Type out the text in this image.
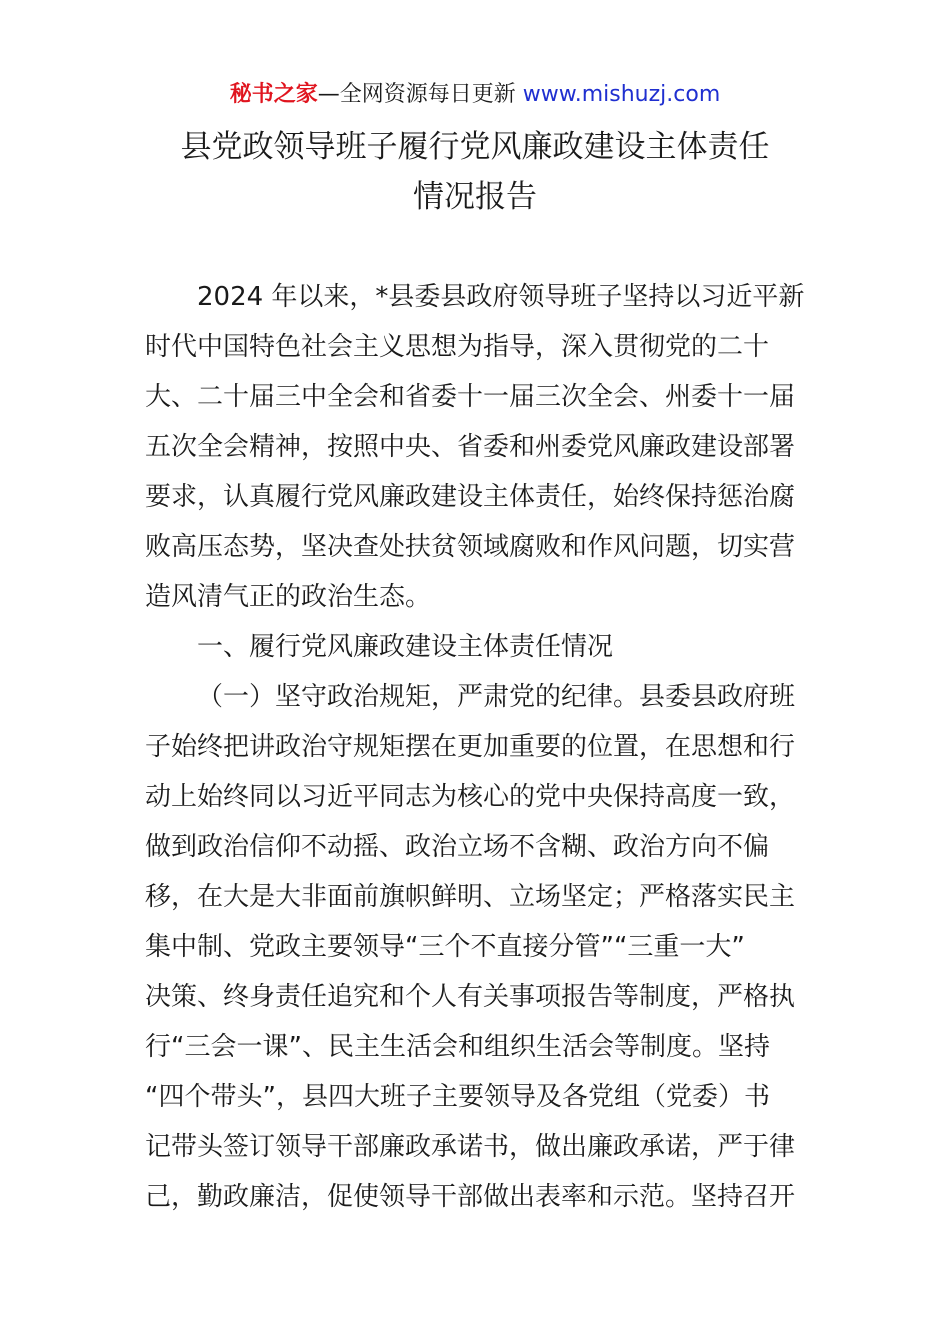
秘书之家—全网资源每日更新 www.mishuzj.com
县党政领导班子履行党风廉政建设主体责任
情况报告
2024 年以来，*县委县政府领导班子坚持以习近平新
时代中国特色社会主义思想为指导，深入贯彻党的二十
大、二十届三中全会和省委十一届三次全会、州委十一届
五次全会精神，按照中央、省委和州委党风廉政建设部署
要求，认真履行党风廉政建设主体责任，始终保持惩治腐
败高压态势，坚决查处扶贫领域腐败和作风问题，切实营
造风清气正的政治生态。
一、履行党风廉政建设主体责任情况
（一）坚守政治规矩，严肃党的纪律。县委县政府班
子始终把讲政治守规矩摆在更加重要的位置，在思想和行
动上始终同以习近平同志为核心的党中央保持高度一致，
做到政治信仰不动摇、政治立场不含糊、政治方向不偏
移，在大是大非面前旗帜鲜明、立场坚定；严格落实民主
集中制、党政主要领导“三个不直接分管”“三重一大”
决策、终身责任追究和个人有关事项报告等制度，严格执
行“三会一课”、民主生活会和组织生活会等制度。坚持
“四个带头”，县四大班子主要领导及各党组（党委）书
记带头签订领导干部廉政承诺书，做出廉政承诺，严于律
己，勤政廉洁，促使领导干部做出表率和示范。坚持召开
